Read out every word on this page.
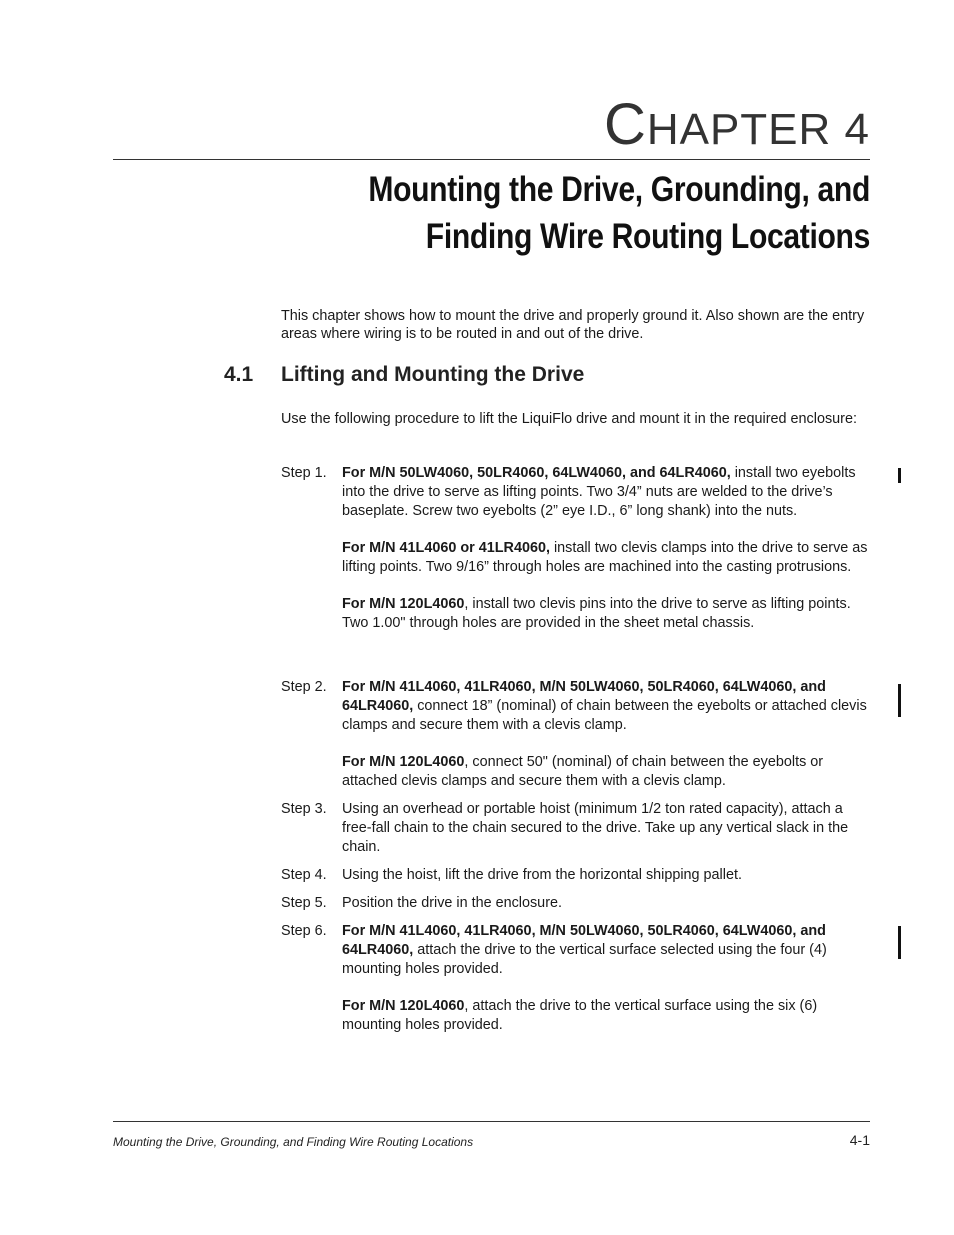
CHAPTER 4
Mounting the Drive, Grounding, and
Finding Wire Routing Locations
This chapter shows how to mount the drive and properly ground it. Also shown are the entry areas where wiring is to be routed in and out of the drive.
4.1 Lifting and Mounting the Drive
Use the following procedure to lift the LiquiFlo drive and mount it in the required enclosure:
Step 1. For M/N 50LW4060, 50LR4060, 64LW4060, and 64LR4060, install two eyebolts into the drive to serve as lifting points. Two 3/4” nuts are welded to the drive’s baseplate. Screw two eyebolts (2” eye I.D., 6” long shank) into the nuts.

For M/N 41L4060 or 41LR4060, install two clevis clamps into the drive to serve as lifting points. Two 9/16” through holes are machined into the casting protrusions.

For M/N 120L4060, install two clevis pins into the drive to serve as lifting points. Two 1.00" through holes are provided in the sheet metal chassis.

Step 2. For M/N 41L4060, 41LR4060, M/N 50LW4060, 50LR4060, 64LW4060, and 64LR4060, connect 18” (nominal) of chain between the eyebolts or attached clevis clamps and secure them with a clevis clamp.

For M/N 120L4060, connect 50" (nominal) of chain between the eyebolts or attached clevis clamps and secure them with a clevis clamp.

Step 3. Using an overhead or portable hoist (minimum 1/2 ton rated capacity), attach a free-fall chain to the chain secured to the drive. Take up any vertical slack in the chain.

Step 4. Using the hoist, lift the drive from the horizontal shipping pallet.

Step 5. Position the drive in the enclosure.

Step 6. For M/N 41L4060, 41LR4060, M/N 50LW4060, 50LR4060, 64LW4060, and 64LR4060, attach the drive to the vertical surface selected using the four (4) mounting holes provided.

For M/N 120L4060, attach the drive to the vertical surface using the six (6) mounting holes provided.

Mounting the Drive, Grounding, and Finding Wire Routing Locations	4-1
